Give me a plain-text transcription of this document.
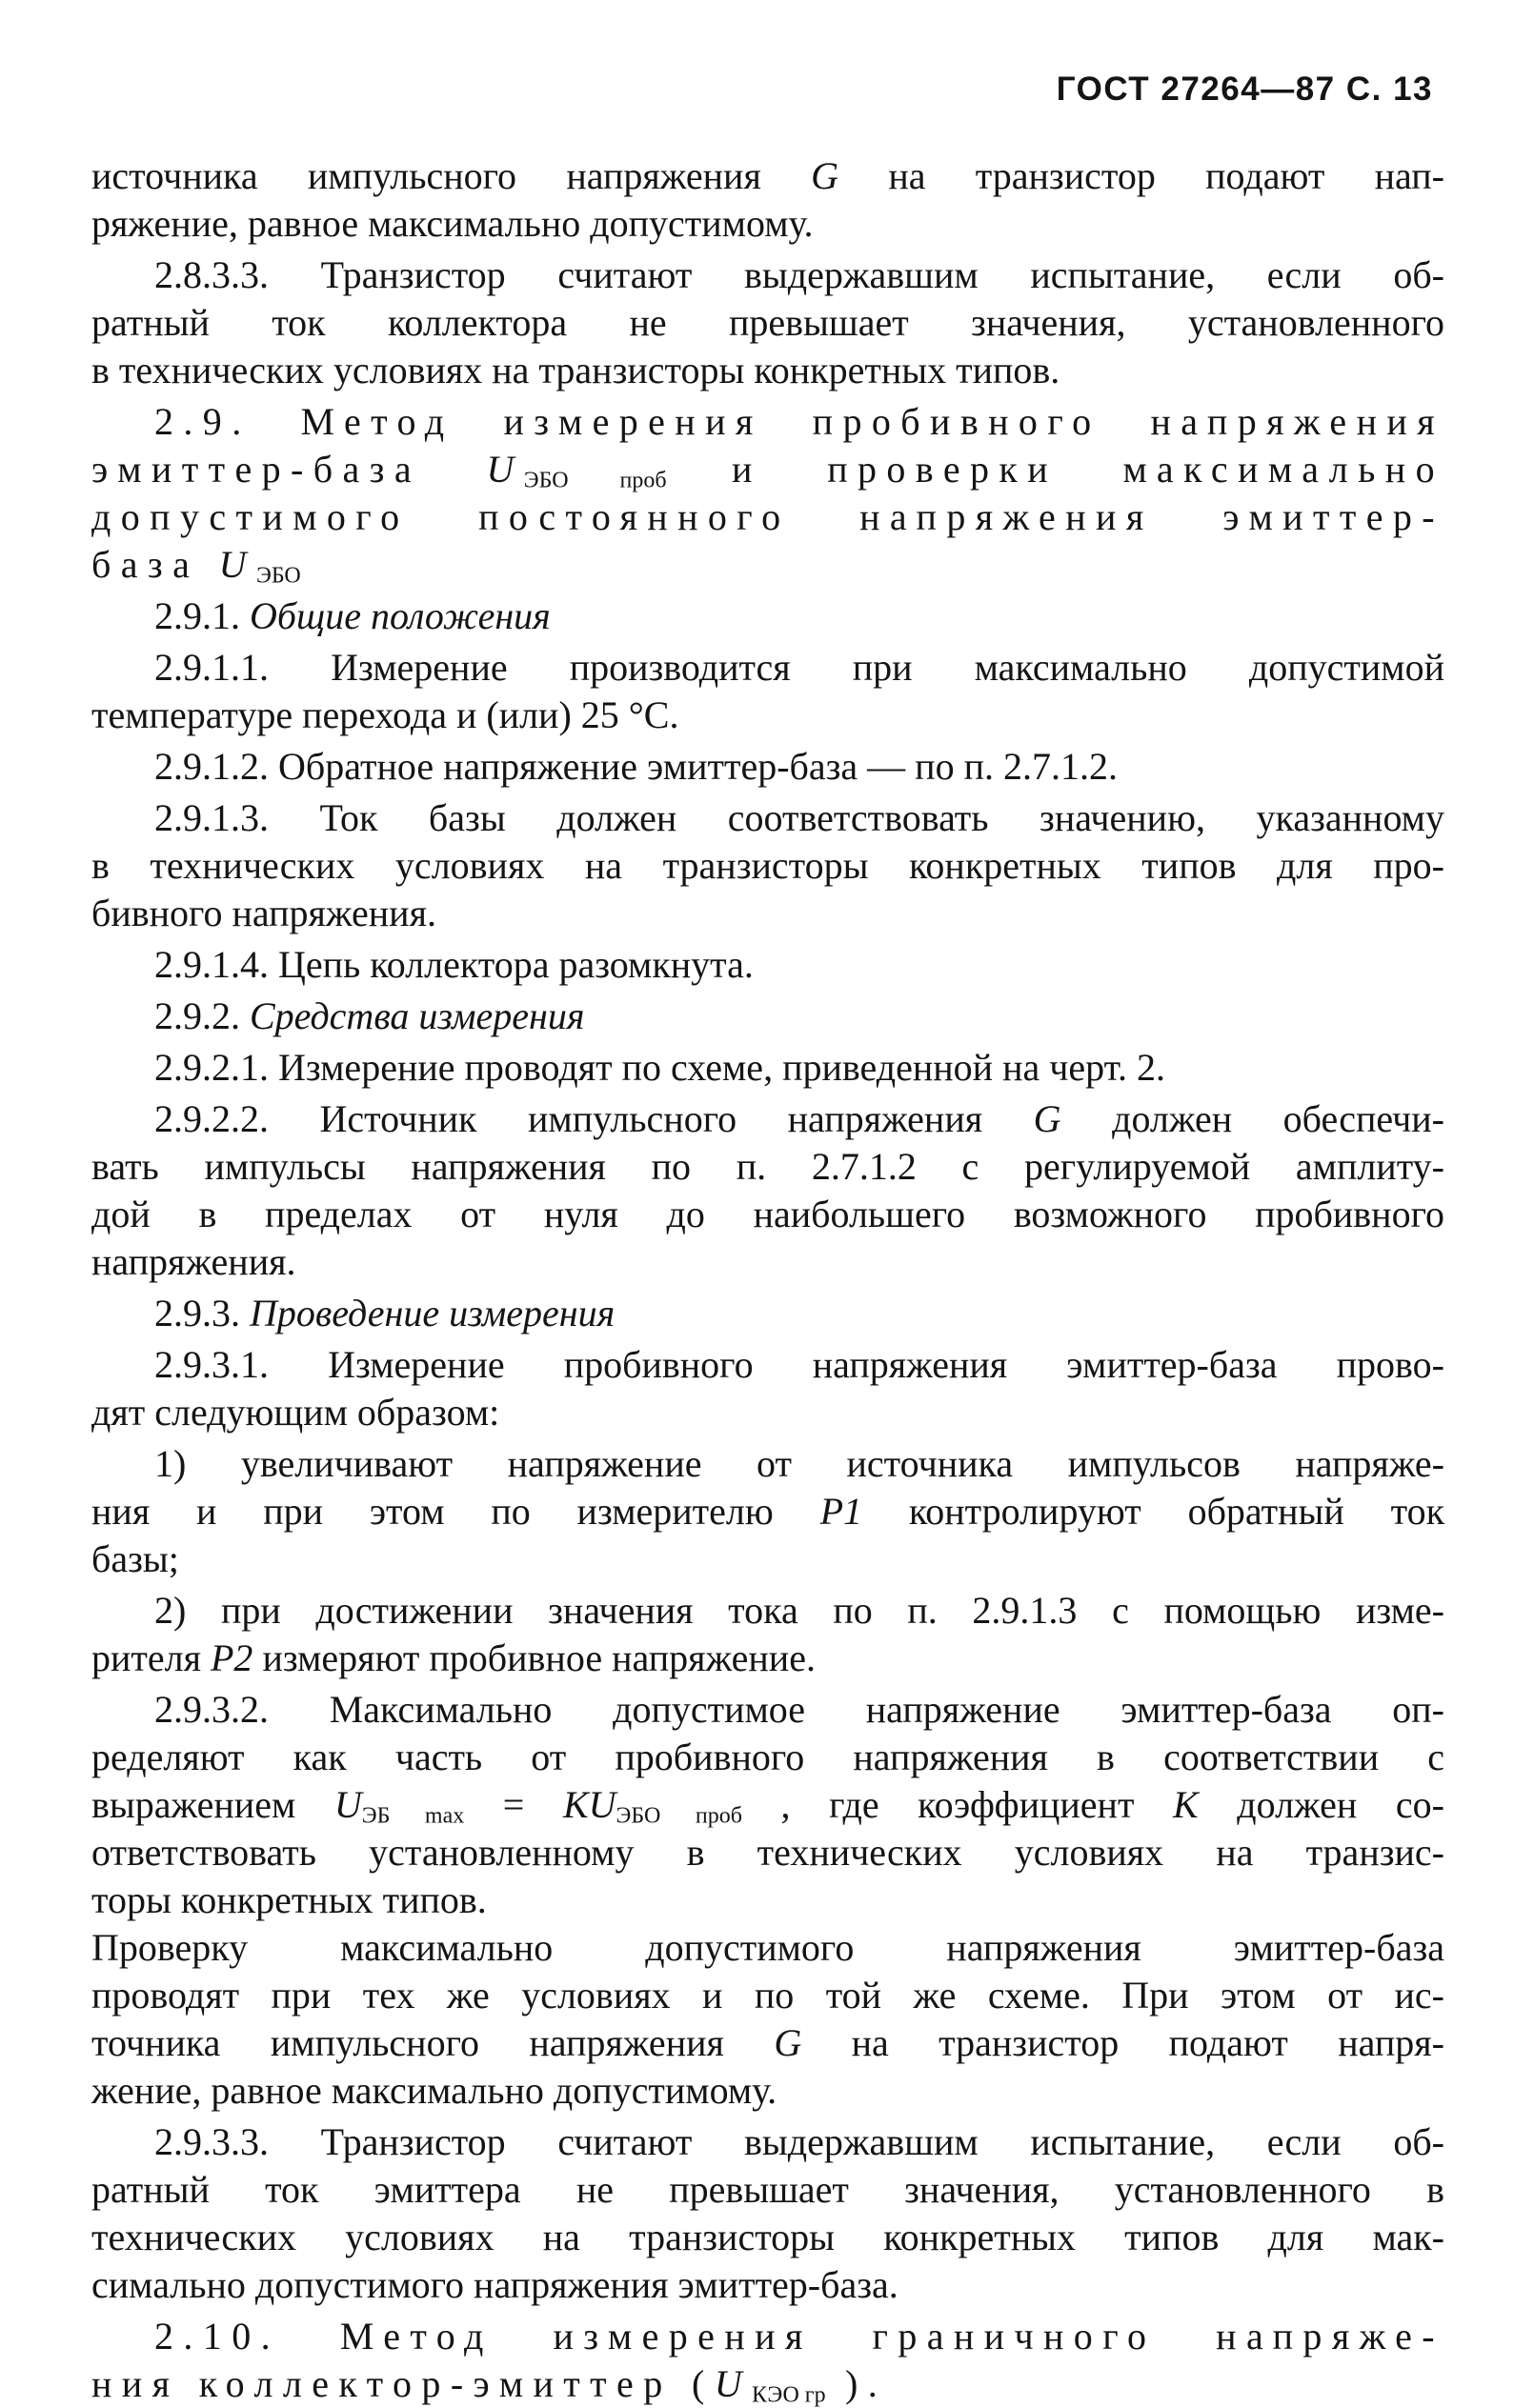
ГОСТ 27264—87 С. 13
источника импульсного напряжения G на транзистор подают нап-
ряжение, равное максимально допустимому.
2.8.3.3. Транзистор считают выдержавшим испытание, если об-
ратный ток коллектора не превышает значения, установленного
в технических условиях на транзисторы конкретных типов.
2.9. Метод измерения пробивного напряжения
эмиттер-база $U_{ЭБО проб}$ и проверки максимально
допустимого постоянного напряжения эмиттер-
база $U_{ЭБО}$
2.9.1. Общие положения
2.9.1.1. Измерение производится при максимально допустимой
температуре перехода и (или) 25 °С.
2.9.1.2. Обратное напряжение эмиттер-база — по п. 2.7.1.2.
2.9.1.3. Ток базы должен соответствовать значению, указанному
в технических условиях на транзисторы конкретных типов для про-
бивного напряжения.
2.9.1.4. Цепь коллектора разомкнута.
2.9.2. Средства измерения
2.9.2.1. Измерение проводят по схеме, приведенной на черт. 2.
2.9.2.2. Источник импульсного напряжения G должен обеспечи-
вать импульсы напряжения по п. 2.7.1.2 с регулируемой амплиту-
дой в пределах от нуля до наибольшего возможного пробивного
напряжения.
2.9.3. Проведение измерения
2.9.3.1. Измерение пробивного напряжения эмиттер-база прово-
дят следующим образом:
1) увеличивают напряжение от источника импульсов напряже-
ния и при этом по измерителю P1 контролируют обратный ток
базы;
2) при достижении значения тока по п. 2.9.1.3 с помощью изме-
рителя P2 измеряют пробивное напряжение.
2.9.3.2. Максимально допустимое напряжение эмиттер-база оп-
ределяют как часть от пробивного напряжения в соответствии с
выражением $U_{ЭБ max} = KU_{ЭБО проб}$ , где коэффициент K должен со-
ответствовать установленному в технических условиях на транзис-
торы конкретных типов.
Проверку максимально допустимого напряжения эмиттер-база
проводят при тех же условиях и по той же схеме. При этом от ис-
точника импульсного напряжения G на транзистор подают напря-
жение, равное максимально допустимому.
2.9.3.3. Транзистор считают выдержавшим испытание, если об-
ратный ток эмиттера не превышает значения, установленного в
технических условиях на транзисторы конкретных типов для мак-
симально допустимого напряжения эмиттер-база.
2.10. Метод измерения граничного напряже-
ния коллектор-эмиттер ($U_{КЭО гр}$ ).
